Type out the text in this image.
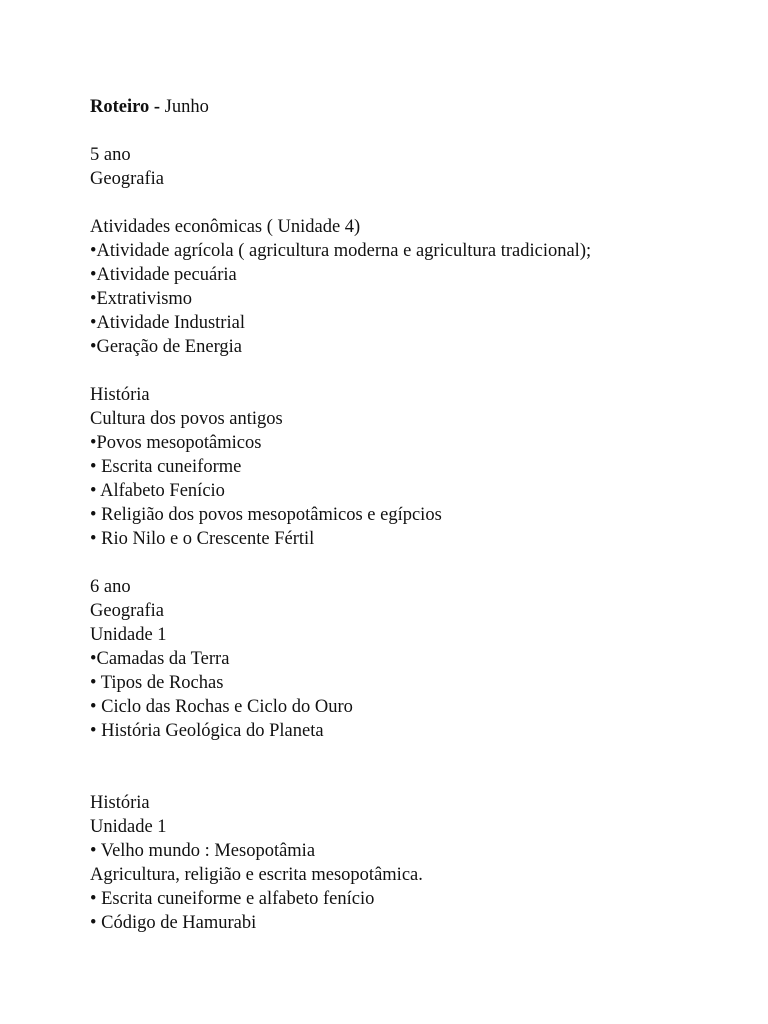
Roteiro - Junho
5 ano
Geografia
Atividades econômicas ( Unidade 4)
•Atividade agrícola ( agricultura moderna e agricultura tradicional);
•Atividade pecuária
•Extrativismo
•Atividade Industrial
•Geração de Energia
História
Cultura dos povos antigos
•Povos mesopotâmicos
• Escrita cuneiforme
• Alfabeto Fenício
• Religião dos povos mesopotâmicos e egípcios
• Rio Nilo e o Crescente Fértil
6 ano
Geografia
Unidade 1
•Camadas da Terra
• Tipos de Rochas
• Ciclo das Rochas e Ciclo do Ouro
• História Geológica do Planeta
História
Unidade 1
• Velho mundo : Mesopotâmia
Agricultura, religião e escrita mesopotâmica.
• Escrita cuneiforme e alfabeto fenício
• Código de Hamurabi
